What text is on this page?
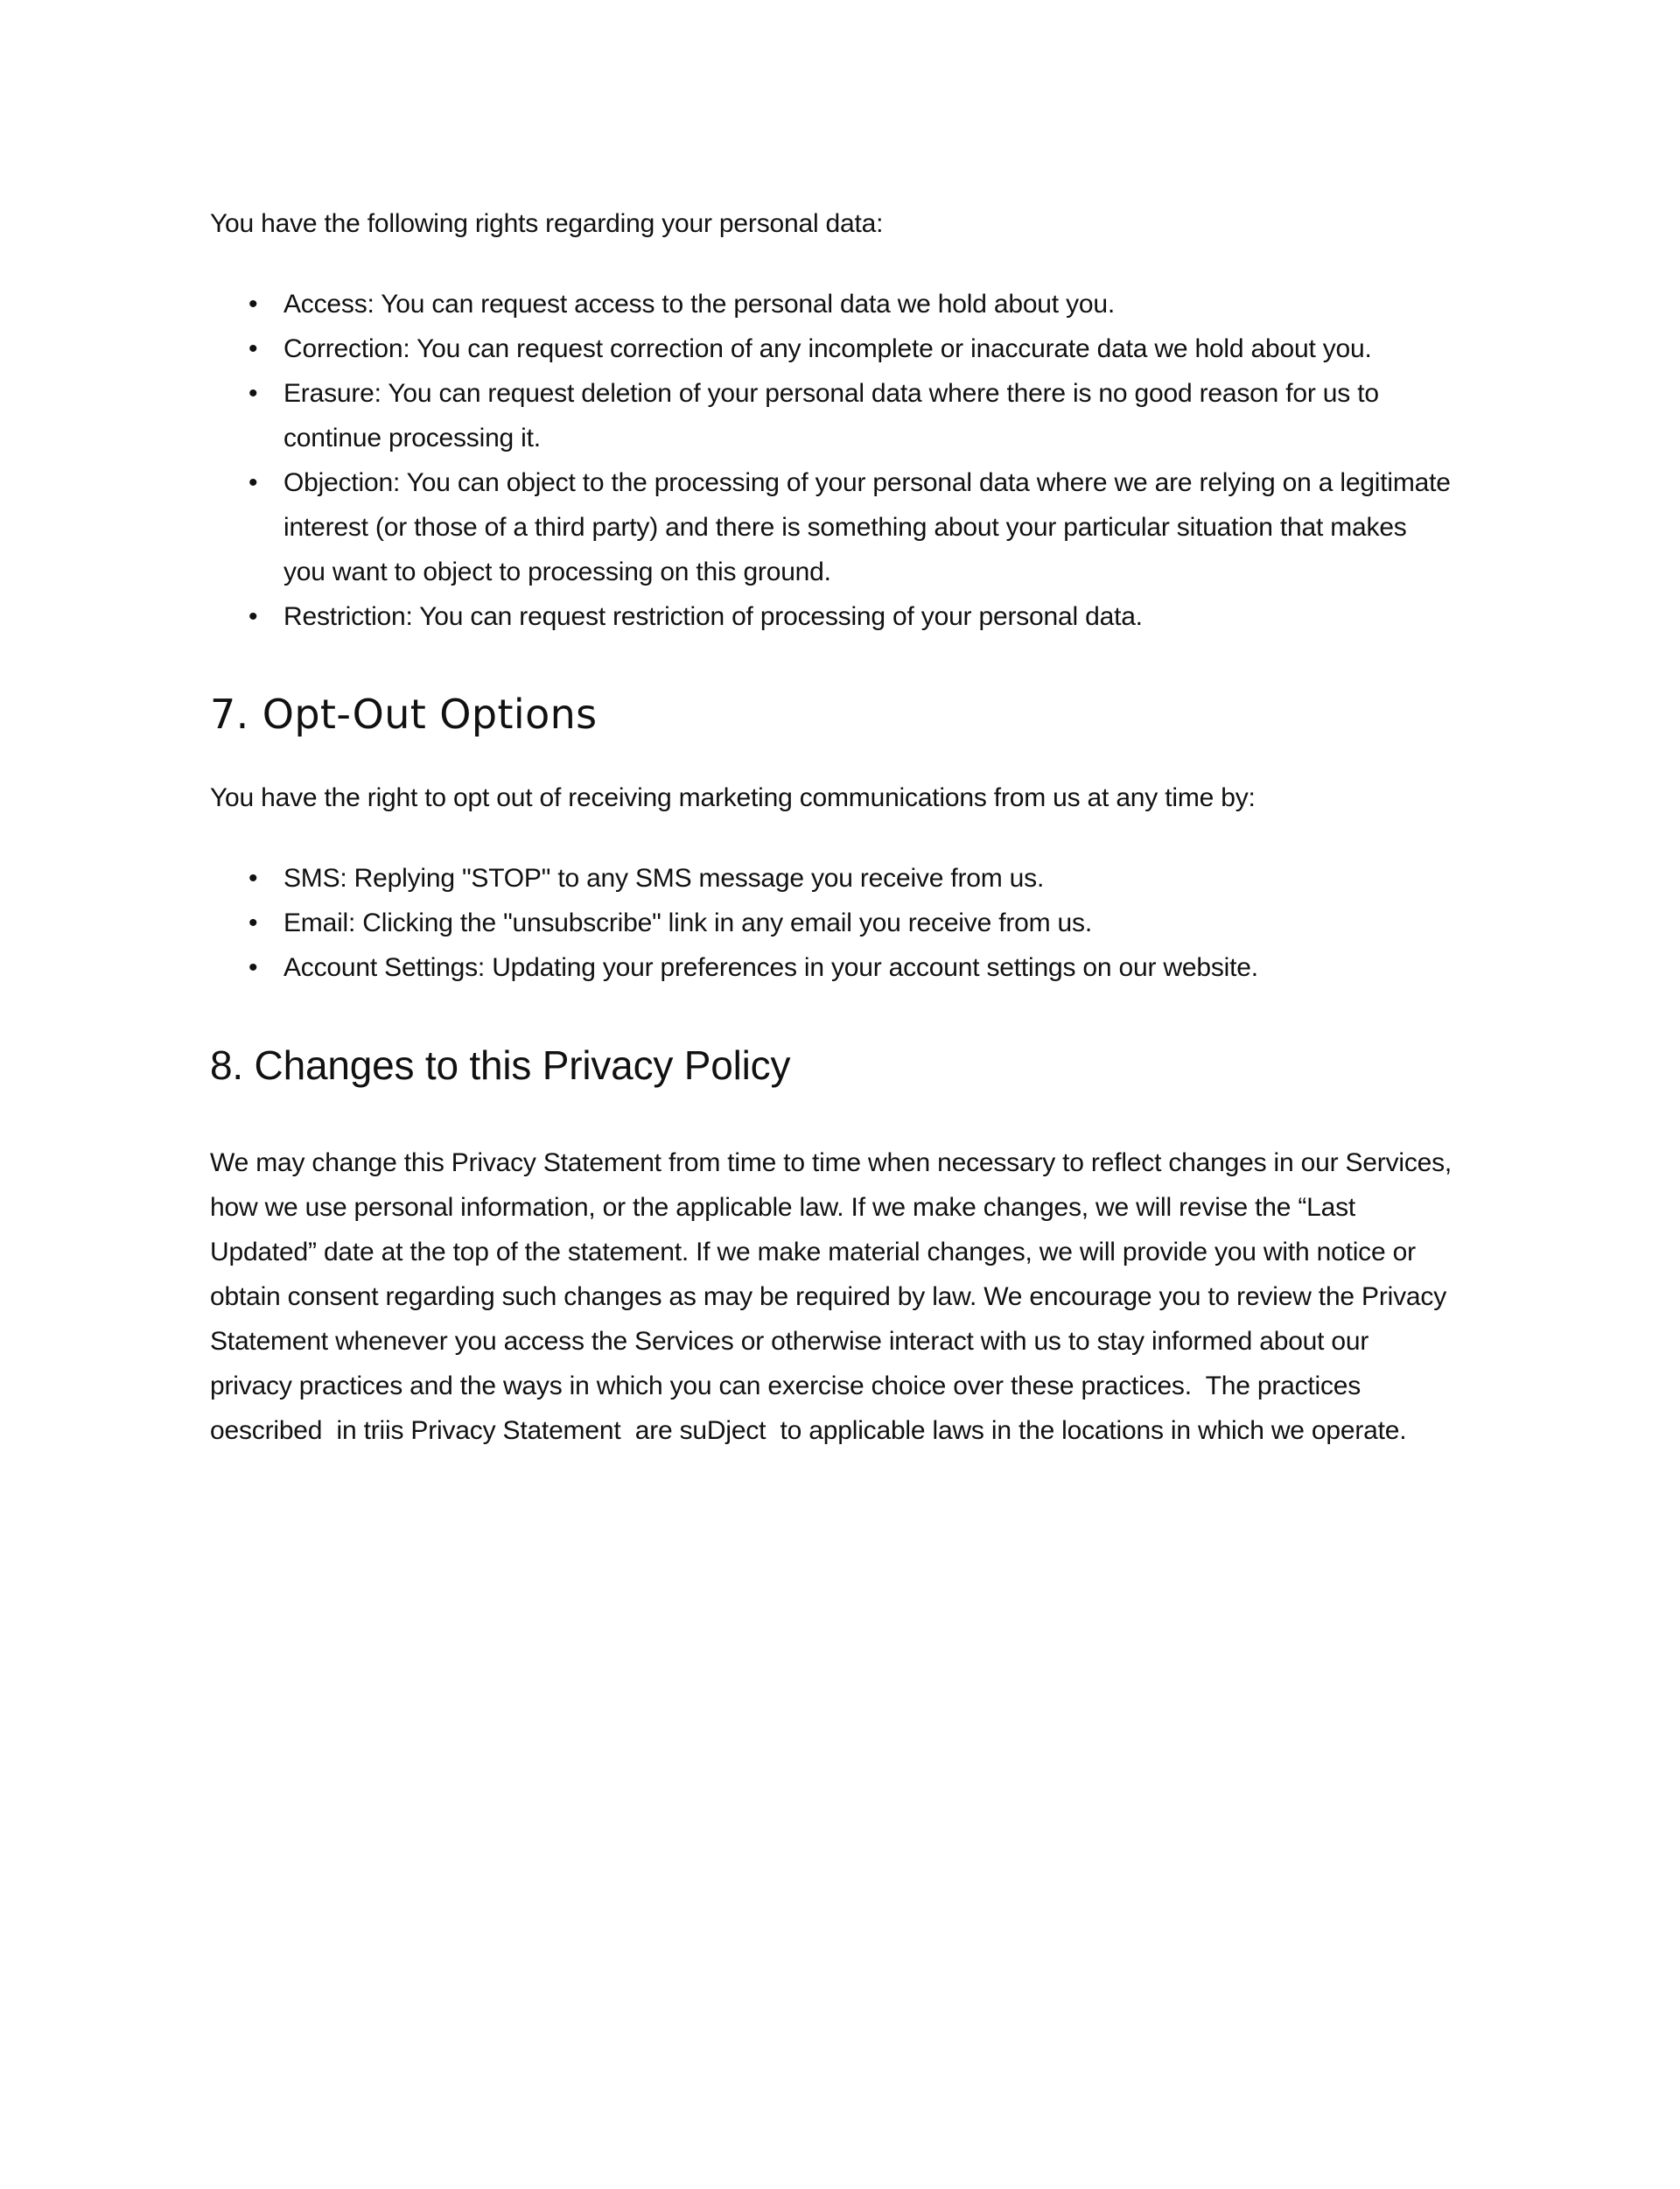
You have the following rights regarding your personal data:

• Access: You can request access to the personal data we hold about you.
• Correction: You can request correction of any incomplete or inaccurate data we hold about you.
• Erasure: You can request deletion of your personal data where there is no good reason for us to continue processing it.
• Objection: You can object to the processing of your personal data where we are relying on a legitimate interest (or those of a third party) and there is something about your particular situation that makes you want to object to processing on this ground.
• Restriction: You can request restriction of processing of your personal data.
7. Opt-Out Options

You have the right to opt out of receiving marketing communications from us at any time by:

• SMS: Replying "STOP" to any SMS message you receive from us.
• Email: Clicking the "unsubscribe" link in any email you receive from us.
• Account Settings: Updating your preferences in your account settings on our website.
8. Changes to this Privacy Policy

We may change this Privacy Statement from time to time when necessary to reflect changes in our Services, how we use personal information, or the applicable law. If we make changes, we will revise the “Last Updated” date at the top of the statement. If we make material changes, we will provide you with notice or obtain consent regarding such changes as may be required by law. We encourage you to review the Privacy Statement whenever you access the Services or otherwise interact with us to stay informed about our privacy practices and the ways in which you can exercise choice over these practices.  The practices  oescribed  in triis Privacy Statement  are suDject  to applicable laws in the locations in which we operate.
